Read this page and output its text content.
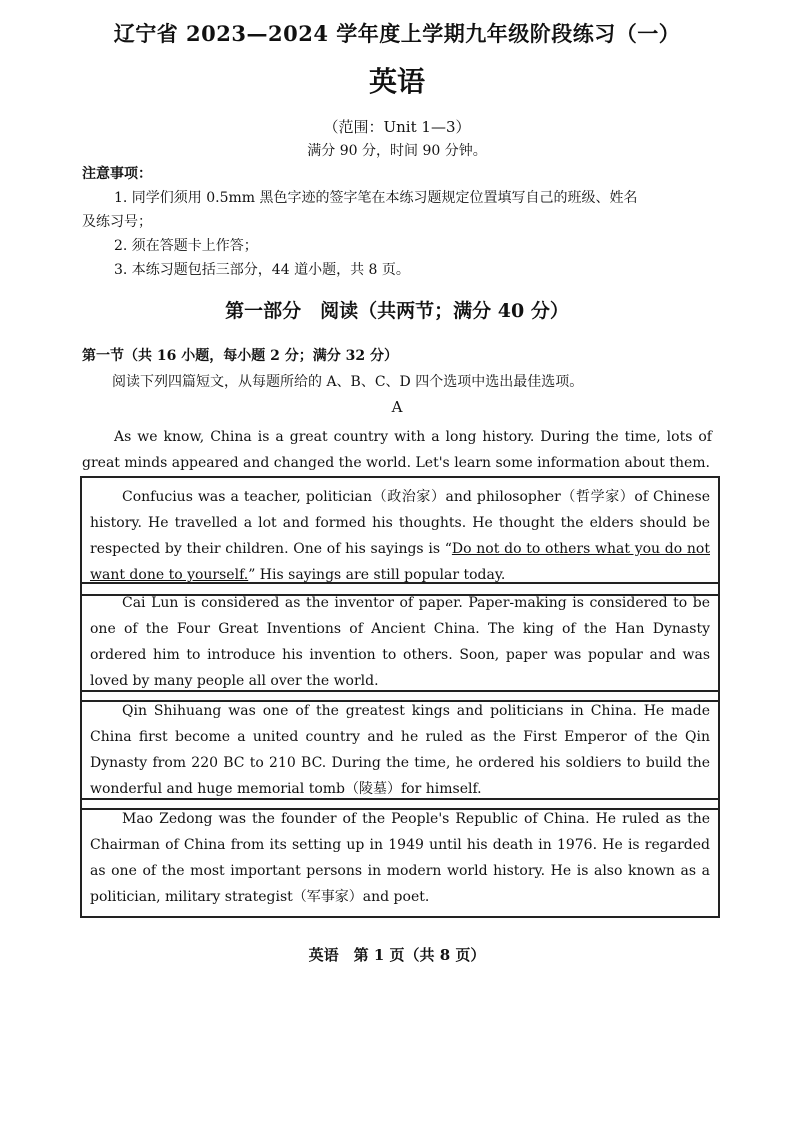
辽宁省 2023—2024 学年度上学期九年级阶段练习（一）
英语
（范围：Unit 1—3）
满分 90 分，时间 90 分钟。
注意事项：
1. 同学们须用 0.5mm 黑色字迹的签字笔在本练习题规定位置填写自己的班级、姓名
及练习号；
2. 须在答题卡上作答；
3. 本练习题包括三部分，44 道小题，共 8 页。
第一部分　阅读（共两节；满分 40 分）
第一节（共 16 小题，每小题 2 分；满分 32 分）
阅读下列四篇短文，从每题所给的 A、B、C、D 四个选项中选出最佳选项。
A
As we know, China is a great country with a long history. During the time, lots of great minds appeared and changed the world. Let's learn some information about them.

Confucius was a teacher, politician（政治家）and philosopher（哲学家）of Chinese history. He travelled a lot and formed his thoughts. He thought the elders should be respected by their children. One of his sayings is “Do not do to others what you do not want done to yourself.” His sayings are still popular today.

Cai Lun is considered as the inventor of paper. Paper-making is considered to be one of the Four Great Inventions of Ancient China. The king of the Han Dynasty ordered him to introduce his invention to others. Soon, paper was popular and was loved by many people all over the world.

Qin Shihuang was one of the greatest kings and politicians in China. He made China first become a united country and he ruled as the First Emperor of the Qin Dynasty from 220 BC to 210 BC. During the time, he ordered his soldiers to build the wonderful and huge memorial tomb（陵墓）for himself.

Mao Zedong was the founder of the People's Republic of China. He ruled as the Chairman of China from its setting up in 1949 until his death in 1976. He is regarded as one of the most important persons in modern world history. He is also known as a politician, military strategist（军事家）and poet.

英语　第 1 页（共 8 页）
